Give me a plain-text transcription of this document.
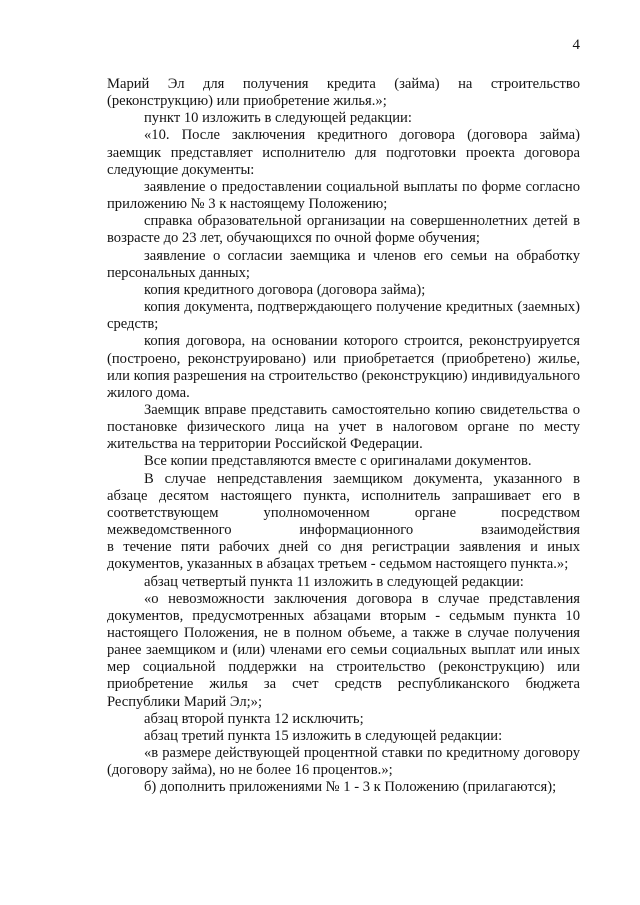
4

Марий Эл для получения кредита (займа) на строительство (реконструкцию) или приобретение жилья.»;

пункт 10 изложить в следующей редакции:

«10. После заключения кредитного договора (договора займа) заемщик представляет исполнителю для подготовки проекта договора следующие документы:

заявление о предоставлении социальной выплаты по форме согласно приложению № 3 к настоящему Положению;

справка образовательной организации на совершеннолетних детей в возрасте до 23 лет, обучающихся по очной форме обучения;

заявление о согласии заемщика и членов его семьи на обработку персональных данных;

копия кредитного договора (договора займа);

копия документа, подтверждающего получение кредитных (заемных) средств;

копия договора, на основании которого строится, реконструируется (построено, реконструировано) или приобретается (приобретено) жилье, или копия разрешения на строительство (реконструкцию) индивидуального жилого дома.

Заемщик вправе представить самостоятельно копию свидетельства о постановке физического лица на учет в налоговом органе по месту жительства на территории Российской Федерации.

Все копии представляются вместе с оригиналами документов.

В случае непредставления заемщиком документа, указанного в абзаце десятом настоящего пункта, исполнитель запрашивает его в соответствующем уполномоченном органе посредством межведомственного информационного взаимодействия

в течение пяти рабочих дней со дня регистрации заявления и иных документов, указанных в абзацах третьем - седьмом настоящего пункта.»;

абзац четвертый пункта 11 изложить в следующей редакции:

«о невозможности заключения договора в случае представления документов, предусмотренных абзацами вторым - седьмым пункта 10 настоящего Положения, не в полном объеме, а также в случае получения ранее заемщиком и (или) членами его семьи социальных выплат или иных мер социальной поддержки на строительство (реконструкцию) или приобретение жилья за счет средств республиканского бюджета Республики Марий Эл;»;

абзац второй пункта 12 исключить;

абзац третий пункта 15 изложить в следующей редакции:

«в размере действующей процентной ставки по кредитному договору (договору займа), но не более 16 процентов.»;

б) дополнить приложениями № 1 - 3 к Положению (прилагаются);
